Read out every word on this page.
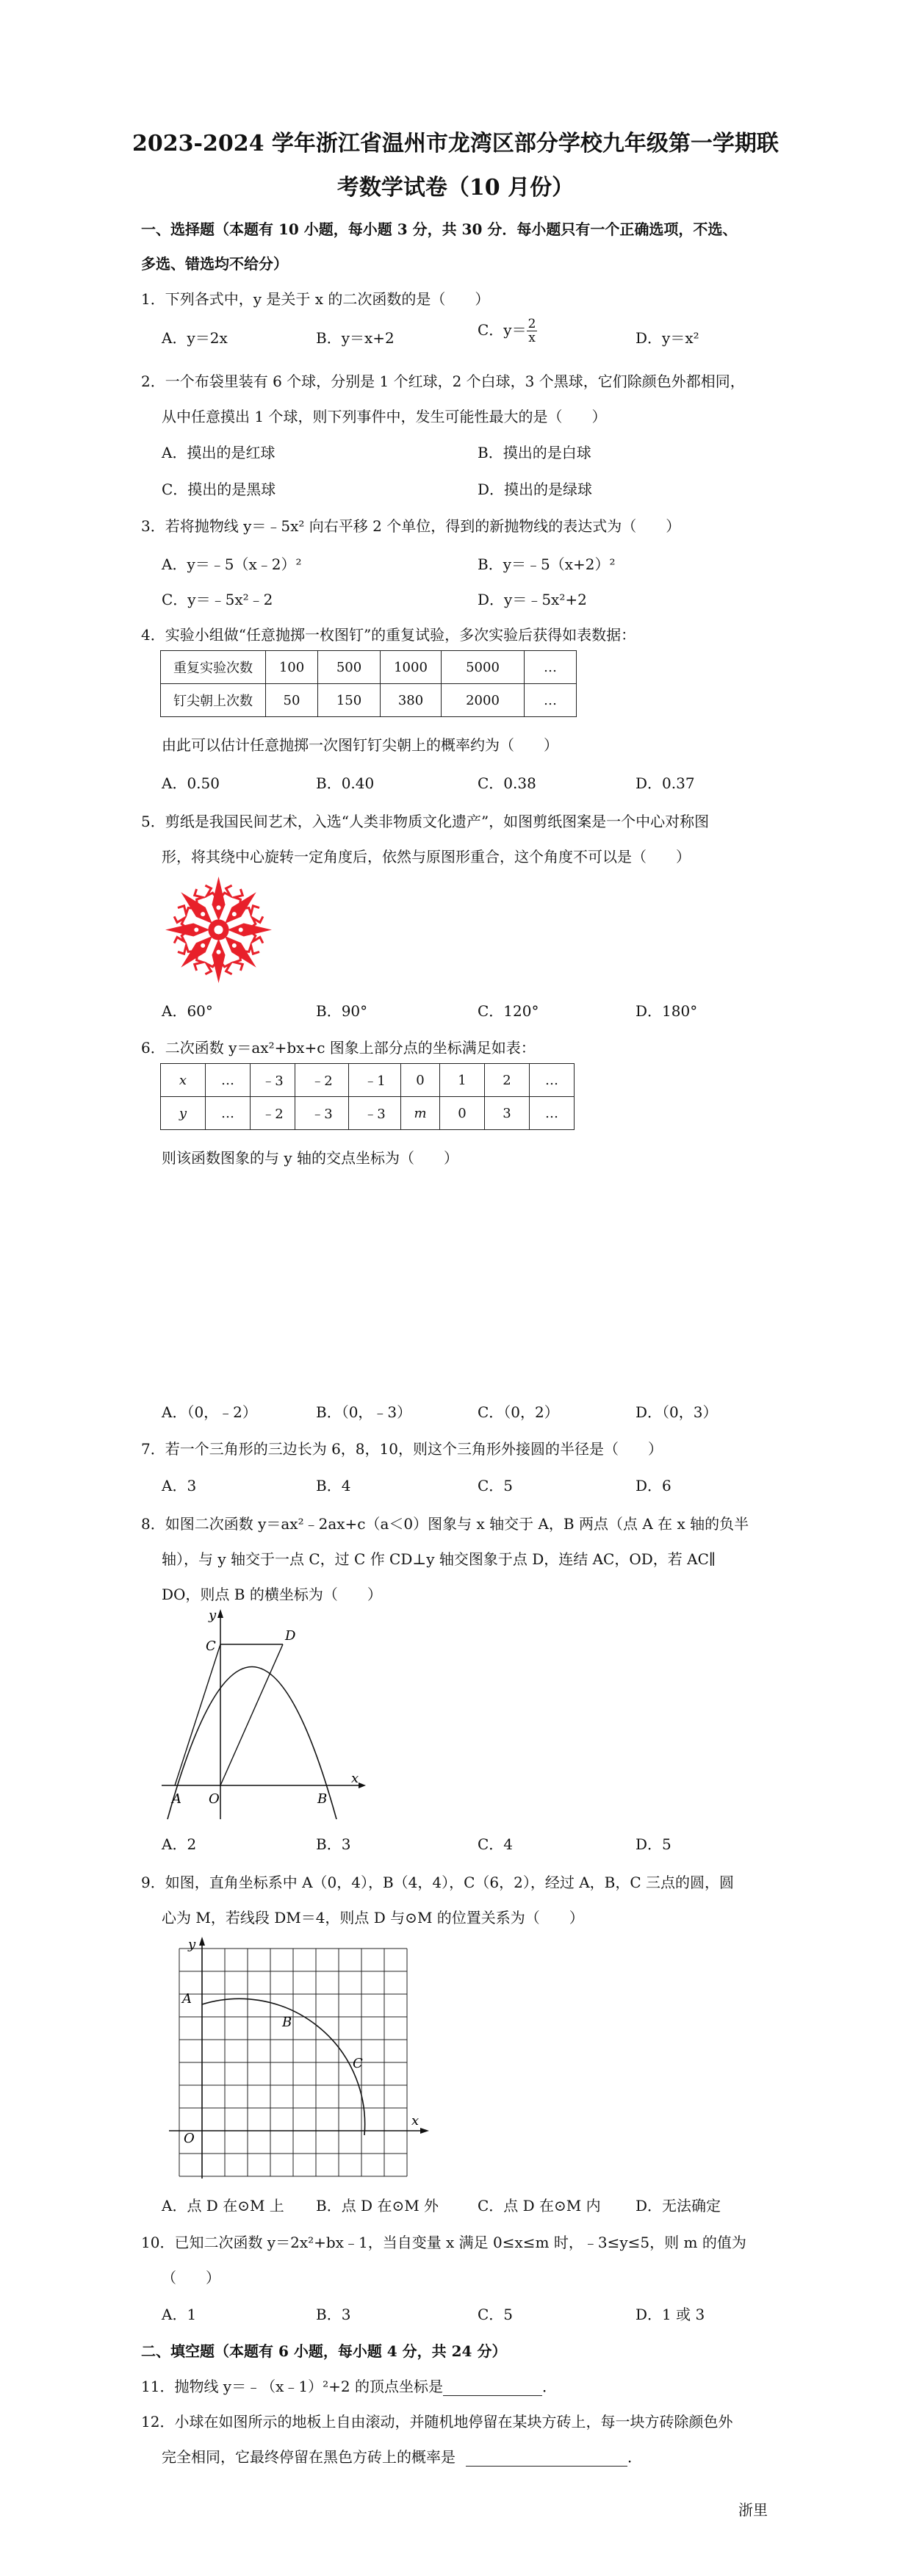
2023-2024 学年浙江省温州市龙湾区部分学校九年级第一学期联
考数学试卷（10 月份）
一、选择题（本题有 10 小题，每小题 3 分，共 30 分．每小题只有一个正确选项，不选、
多选、错选均不给分）
1．下列各式中，y 是关于 x 的二次函数的是（　　）
A．y＝2x	B．y＝x+2	C．$y= \frac{2}{x}$	D．y＝x²
2．一个布袋里装有 6 个球，分别是 1 个红球，2 个白球，3 个黑球，它们除颜色外都相同，
从中任意摸出 1 个球，则下列事件中，发生可能性最大的是（　　）
A．摸出的是红球	B．摸出的是白球
C．摸出的是黑球	D．摸出的是绿球
3．若将抛物线 y＝﹣5x² 向右平移 2 个单位，得到的新抛物线的表达式为（　　）
A．y＝﹣5（x﹣2）²	B．y＝﹣5（x+2）²
C．y＝﹣5x²﹣2	D．y＝﹣5x²+2
4．实验小组做“任意抛掷一枚图钉”的重复试验，多次实验后获得如表数据：
重复实验次数	100	500	1000	5000	…
钉尖朝上次数	50	150	380	2000	…
由此可以估计任意抛掷一次图钉钉尖朝上的概率约为（　　）
A．0.50	B．0.40	C．0.38	D．0.37
5．剪纸是我国民间艺术，入选“人类非物质文化遗产”，如图剪纸图案是一个中心对称图
形，将其绕中心旋转一定角度后，依然与原图形重合，这个角度不可以是（　　）
A．60°	B．90°	C．120°	D．180°
6．二次函数 y＝ax²+bx+c 图象上部分点的坐标满足如表：
x	…	﹣3	﹣2	﹣1	0	1	2	…
y	…	﹣2	﹣3	﹣3	m	0	3	…
则该函数图象的与 y 轴的交点坐标为（　　）
A．（0，﹣2）	B．（0，﹣3）	C．（0，2）	D．（0，3）
7．若一个三角形的三边长为 6，8，10，则这个三角形外接圆的半径是（　　）
A．3	B．4	C．5	D．6
8．如图二次函数 y＝ax²﹣2ax+c（a＜0）图象与 x 轴交于 A，B 两点（点 A 在 x 轴的负半
轴），与 y 轴交于一点 C，过 C 作 CD⊥y 轴交图象于点 D，连结 AC，OD，若 AC∥
DO，则点 B 的横坐标为（　　）
y
x
C
D
A O	B
A．2	B．3	C．4	D．5
9．如图，直角坐标系中 A（0，4），B（4，4），C（6，2），经过 A，B，C 三点的圆，圆
心为 M，若线段 DM＝4，则点 D 与⊙M 的位置关系为（　　）
y
x
A
B
C
O
A．点 D 在⊙M 上 B．点 D 在⊙M 外	C．点 D 在⊙M 内 D．无法确定
10．已知二次函数 y＝2x²+bx﹣1，当自变量 x 满足 0≤x≤m 时，﹣3≤y≤5，则 m 的值为
（　　）
A．1	B．3	C．5	D．1 或 3
二、填空题（本题有 6 小题，每小题 4 分，共 24 分）
11．抛物线 y＝﹣（x﹣1）²+2 的顶点坐标是	．
12．小球在如图所示的地板上自由滚动，并随机地停留在某块方砖上，每一块方砖除颜色外
完全相同，它最终停留在黑色方砖上的概率是	．
浙里
